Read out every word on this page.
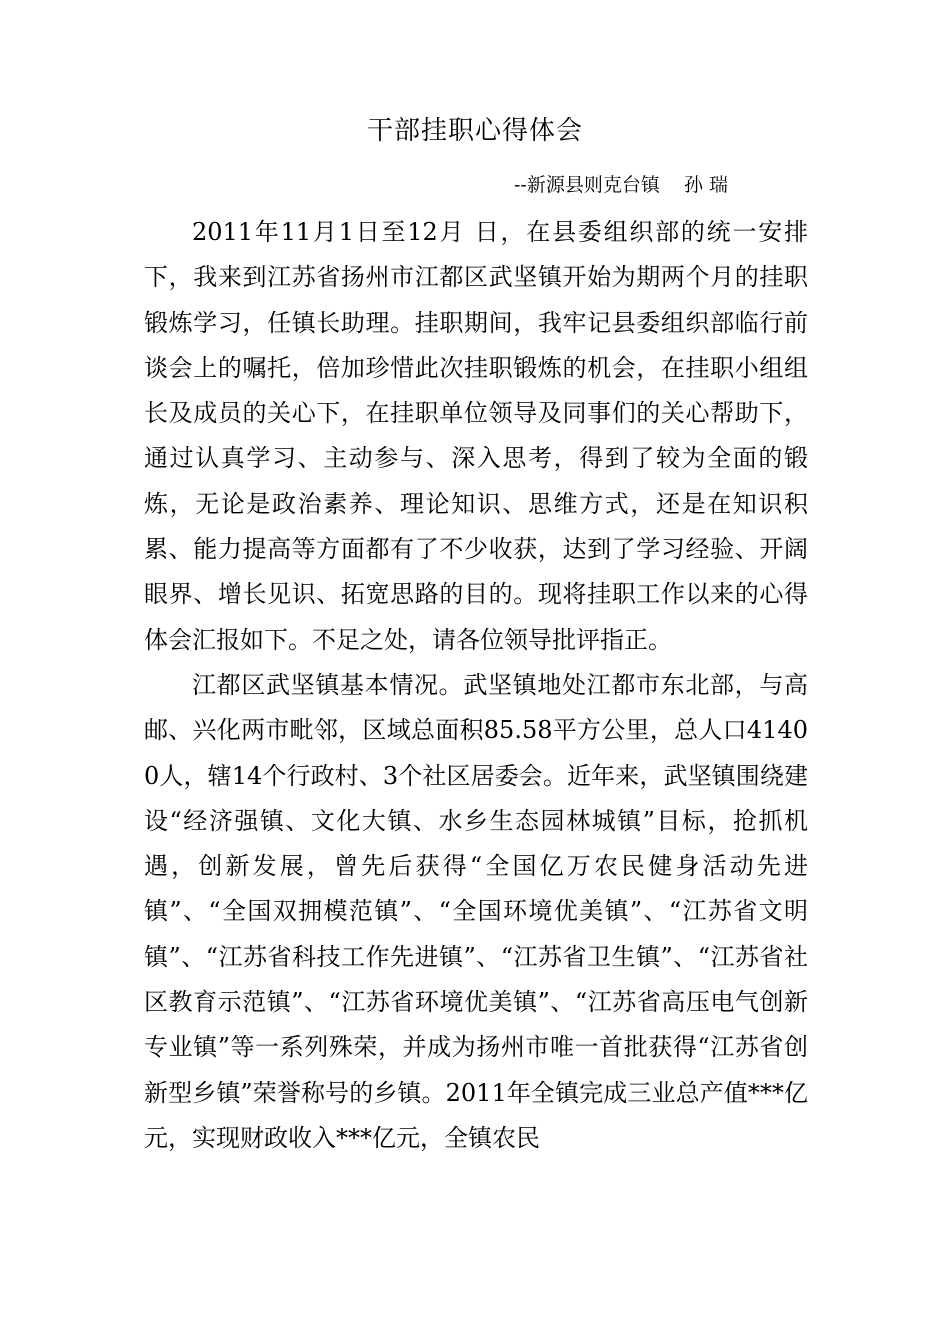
干部挂职心得体会
--新源县则克台镇    孙 瑞

2011年11月1日至12月 日，在县委组织部的统一安排下，我来到江苏省扬州市江都区武坚镇开始为期两个月的挂职锻炼学习，任镇长助理。挂职期间，我牢记县委组织部临行前谈会上的嘱托，倍加珍惜此次挂职锻炼的机会，在挂职小组组长及成员的关心下，在挂职单位领导及同事们的关心帮助下，通过认真学习、主动参与、深入思考，得到了较为全面的锻炼，无论是政治素养、理论知识、思维方式，还是在知识积累、能力提高等方面都有了不少收获，达到了学习经验、开阔眼界、增长见识、拓宽思路的目的。现将挂职工作以来的心得体会汇报如下。不足之处，请各位领导批评指正。

江都区武坚镇基本情况。武坚镇地处江都市东北部，与高邮、兴化两市毗邻，区域总面积85.58平方公里，总人口41400人，辖14个行政村、3个社区居委会。近年来，武坚镇围绕建设“经济强镇、文化大镇、水乡生态园林城镇”目标，抢抓机遇，创新发展，曾先后获得“全国亿万农民健身活动先进镇”、“全国双拥模范镇”、“全国环境优美镇”、“江苏省文明镇”、“江苏省科技工作先进镇”、“江苏省卫生镇”、“江苏省社区教育示范镇”、“江苏省环境优美镇”、“江苏省高压电气创新专业镇”等一系列殊荣，并成为扬州市唯一首批获得“江苏省创新型乡镇”荣誉称号的乡镇。2011年全镇完成三业总产值***亿元，实现财政收入***亿元，全镇农民
